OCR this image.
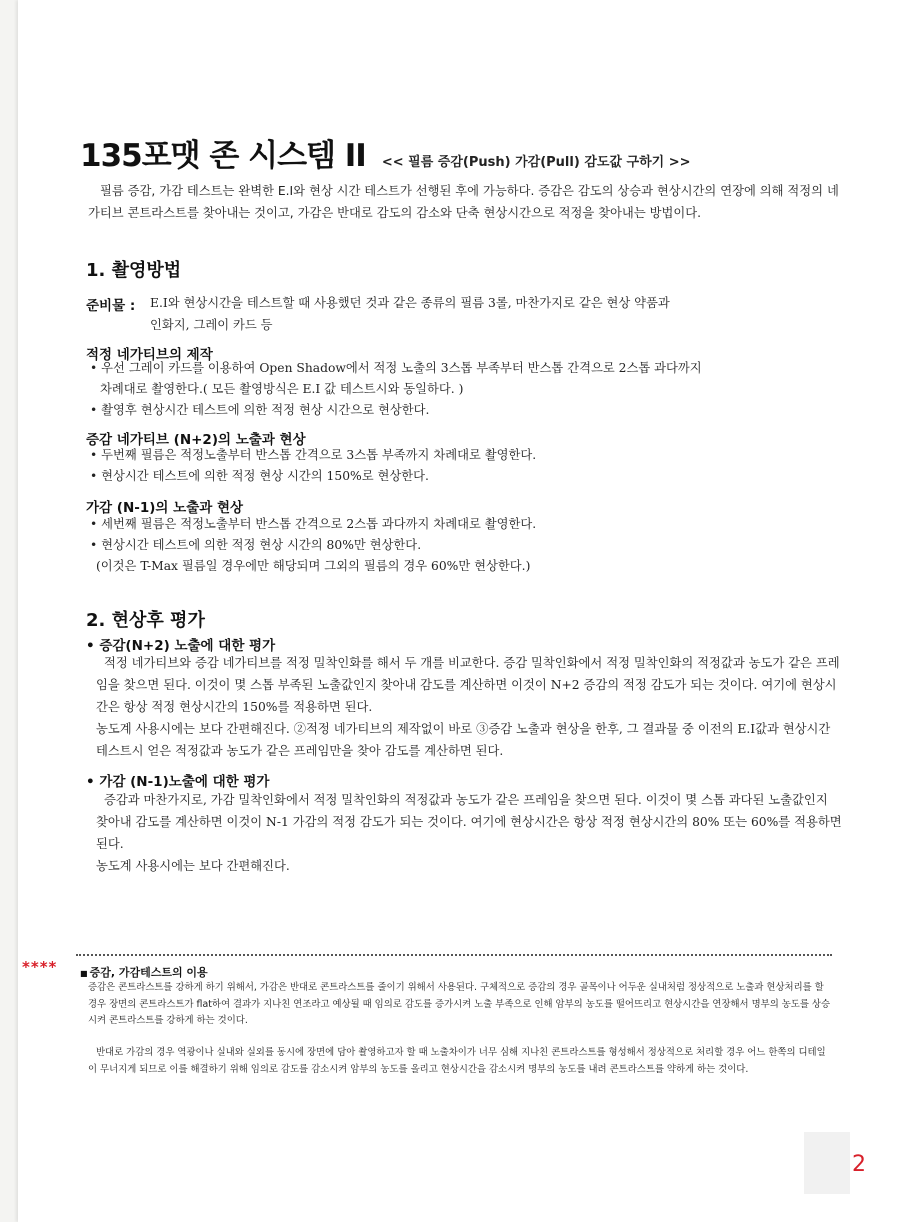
135포맷 존 시스템 II << 필름 증감(Push) 가감(Pull) 감도값 구하기 >>
필름 증감, 가감 테스트는 완벽한 E.I와 현상 시간 테스트가 선행된 후에 가능하다. 증감은 감도의 상승과 현상시간의 연장에 의해 적정의 네가티브 콘트라스트를 찾아내는 것이고, 가감은 반대로 감도의 감소와 단축 현상시간으로 적정을 찾아내는 방법이다.
1. 촬영방법
준비물 : E.I와 현상시간을 테스트할 때 사용했던 것과 같은 종류의 필름 3롤, 마찬가지로 같은 현상 약품과
인화지, 그레이 카드 등
적정 네가티브의 제작
• 우선 그레이 카드를 이용하여 Open Shadow에서 적정 노출의 3스톱 부족부터 반스톱 간격으로 2스톱 과다까지
차례대로 촬영한다.( 모든 촬영방식은 E.I 값 테스트시와 동일하다. )
• 촬영후 현상시간 테스트에 의한 적정 현상 시간으로 현상한다.
증감 네가티브 (N+2)의 노출과 현상
• 두번째 필름은 적정노출부터 반스톱 간격으로 3스톱 부족까지 차례대로 촬영한다.
• 현상시간 테스트에 의한 적정 현상 시간의 150%로 현상한다.
가감 (N-1)의 노출과 현상
• 세번째 필름은 적정노출부터 반스톱 간격으로 2스톱 과다까지 차례대로 촬영한다.
• 현상시간 테스트에 의한 적정 현상 시간의 80%만 현상한다.
(이것은 T-Max 필름일 경우에만 해당되며 그외의 필름의 경우 60%만 현상한다.)
2. 현상후 평가
• 증감(N+2) 노출에 대한 평가

적정 네가티브와 증감 네가티브를 적정 밀착인화를 해서 두 개를 비교한다. 증감 밀착인화에서 적정 밀착인화의 적정값과 농도가 같은 프레임을 찾으면 된다. 이것이 몇 스톱 부족된 노출값인지 찾아내 감도를 계산하면 이것이 N+2 증감의 적정 감도가 되는 것이다. 여기에 현상시간은 항상 적정 현상시간의 150%를 적용하면 된다.

농도계 사용시에는 보다 간편해진다. ②적정 네가티브의 제작없이 바로 ③증감 노출과 현상을 한후, 그 결과물 중 이전의 E.I값과 현상시간 테스트시 얻은 적정값과 농도가 같은 프레임만을 찾아 감도를 계산하면 된다.

• 가감 (N-1)노출에 대한 평가

증감과 마찬가지로, 가감 밀착인화에서 적정 밀착인화의 적정값과 농도가 같은 프레임을 찾으면 된다. 이것이 몇 스톱 과다된 노출값인지 찾아내 감도를 계산하면 이것이 N-1 가감의 적정 감도가 되는 것이다. 여기에 현상시간은 항상 적정 현상시간의 80% 또는 60%를 적용하면 된다.

농도계 사용시에는 보다 간편해진다.

****	■ 증감, 가감테스트의 이용

증감은 콘트라스트를 강하게 하기 위해서, 가감은 반대로 콘트라스트를 줄이기 위해서 사용된다. 구체적으로 증감의 경우 골목이나 어두운 실내처럼 정상적으로 노출과 현상처리를 할 경우 장면의 콘트라스트가 flat하여 결과가 지나친 연조라고 예상될 때 임의로 감도를 증가시켜 노출 부족으로 인해 암부의 농도를 떨어뜨리고 현상시간을 연장해서 명부의 농도를 상승시켜 콘트라스트를 강하게 하는 것이다.

반대로 가감의 경우 역광이나 실내와 실외를 동시에 장면에 담아 촬영하고자 할 때 노출차이가 너무 심해 지나친 콘트라스트를 형성해서 정상적으로 처리할 경우 어느 한쪽의 디테일이 무너지게 되므로 이를 해결하기 위해 임의로 감도를 감소시켜 암부의 농도를 올리고 현상시간을 감소시켜 명부의 농도를 내려 콘트라스트를 약하게 하는 것이다.

2
